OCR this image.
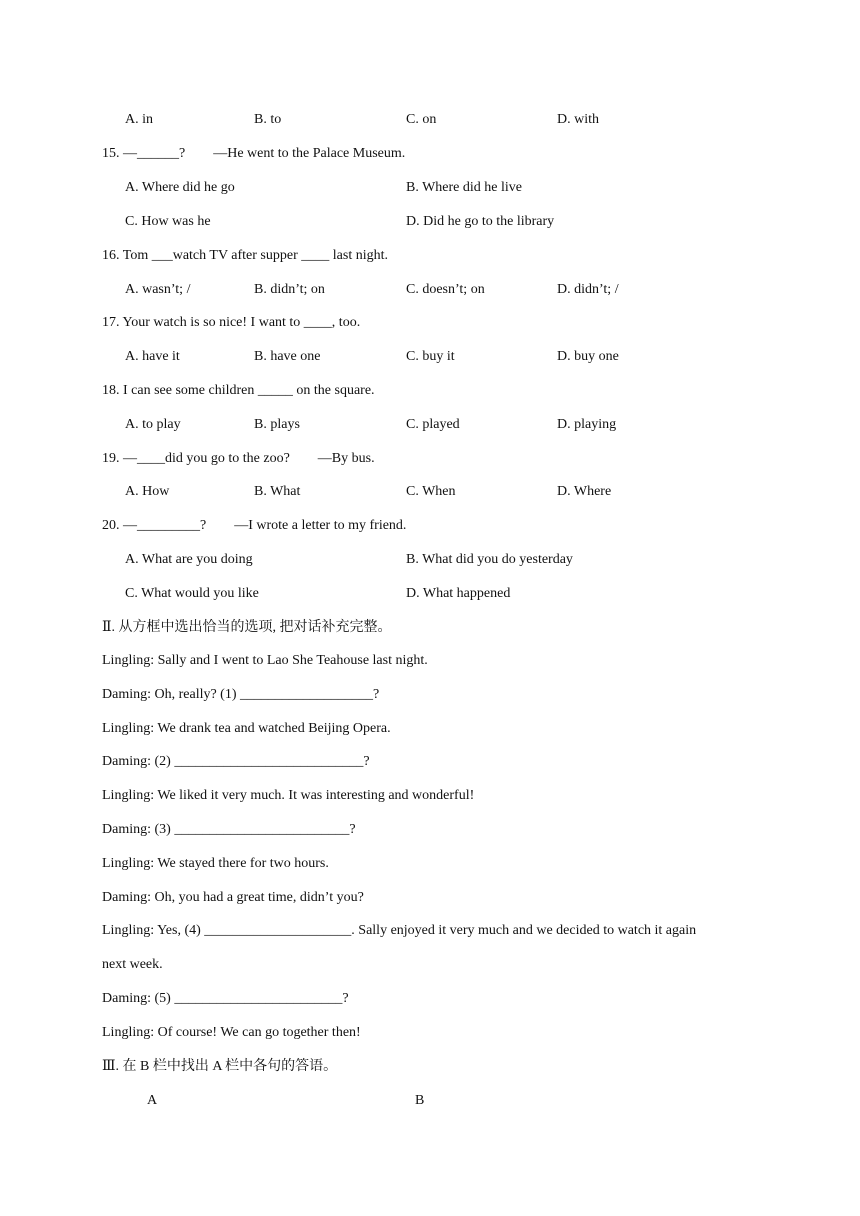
A. in	B. to	C. on	D. with
15. —______?　　—He went to the Palace Museum.
A. Where did he go	B. Where did he live
C. How was he	D. Did he go to the library
16. Tom ___watch TV after supper ____ last night.
A. wasn’t; /	B. didn’t; on	C. doesn’t; on	D. didn’t; /
17. Your watch is so nice! I want to ____, too.
A. have it	B. have one	C. buy it	D. buy one
18. I can see some children _____ on the square.
A. to play	B. plays	C. played	D. playing
19. —____did you go to the zoo?　　—By bus.
A. How	B. What	C. When	D. Where
20. —_________?　　—I wrote a letter to my friend.
A. What are you doing	B. What did you do yesterday
C. What would you like	D. What happened
Ⅱ. 从方框中选出恰当的选项, 把对话补充完整。
Lingling: Sally and I went to Lao She Teahouse last night.
Daming: Oh, really? (1) ___________________?
Lingling: We drank tea and watched Beijing Opera.
Daming: (2) ___________________________?
Lingling: We liked it very much. It was interesting and wonderful!
Daming: (3) _________________________?
Lingling: We stayed there for two hours.
Daming: Oh, you had a great time, didn’t you?
Lingling: Yes, (4) _____________________. Sally enjoyed it very much and we decided to watch it again
next week.
Daming: (5) ________________________?
Lingling: Of course! We can go together then!
Ⅲ. 在 B 栏中找出 A 栏中各句的答语。
A	B
